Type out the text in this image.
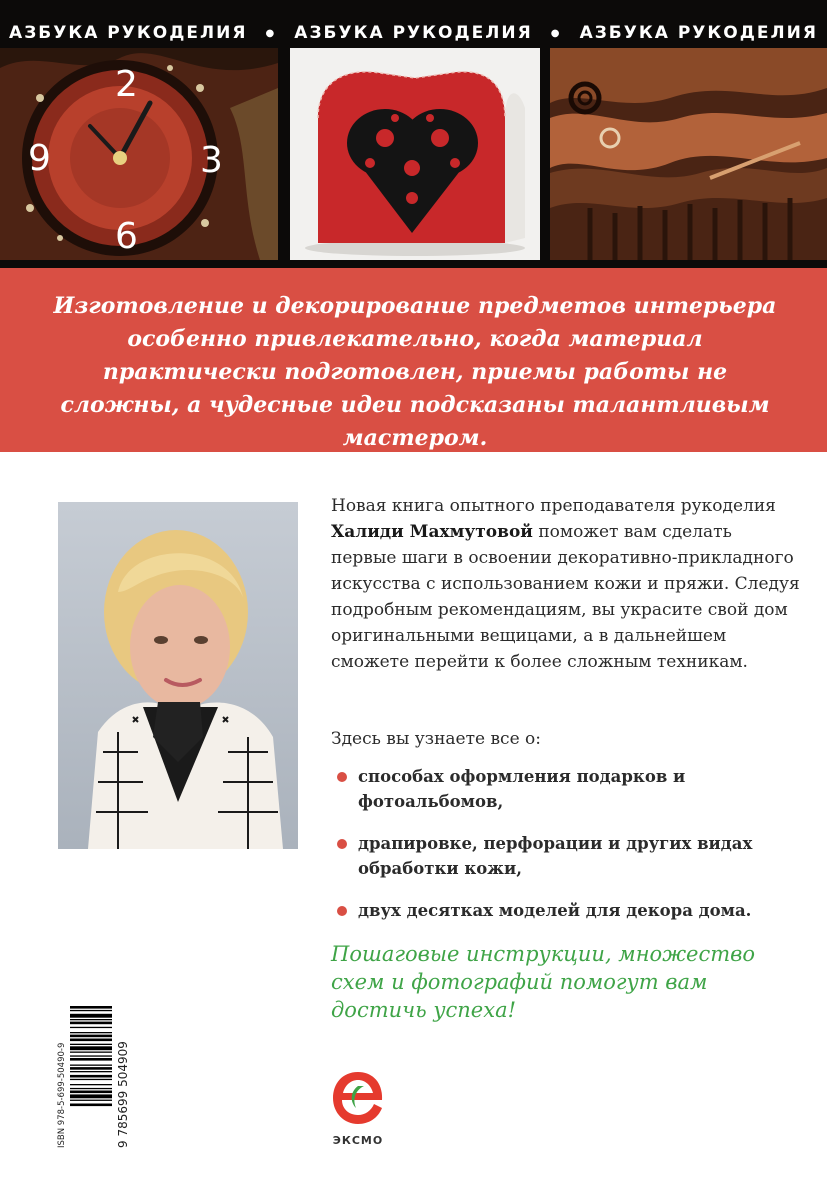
АЗБУКА РУКОДЕЛИЯ ● АЗБУКА РУКОДЕЛИЯ ● АЗБУКА РУКОДЕЛИЯ
2
9	3
6

Изготовление и декорирование предметов интерьера особенно привлекательно, когда материал практически подготовлен, приемы работы не сложны, а чудесные идеи подсказаны талантливым мастером.

Новая книга опытного преподавателя рукоделия Халиди Махмутовой поможет вам сделать первые шаги в освоении декоративно-прикладного искусства с использованием кожи и пряжи. Следуя подробным рекомендациям, вы украсите свой дом оригинальными вещицами, а в дальнейшем сможете перейти к более сложным техникам.

Здесь вы узнаете все о:

способах оформления подарков и фотоальбомов,
драпировке, перфорации и других видах обработки кожи,
двух десятках моделей для декора дома.

Пошаговые инструкции, множество схем и фотографий помогут вам достичь успеха!

ISBN 978-5-699-50490-9	9 785699 504909	ЭКСМО
